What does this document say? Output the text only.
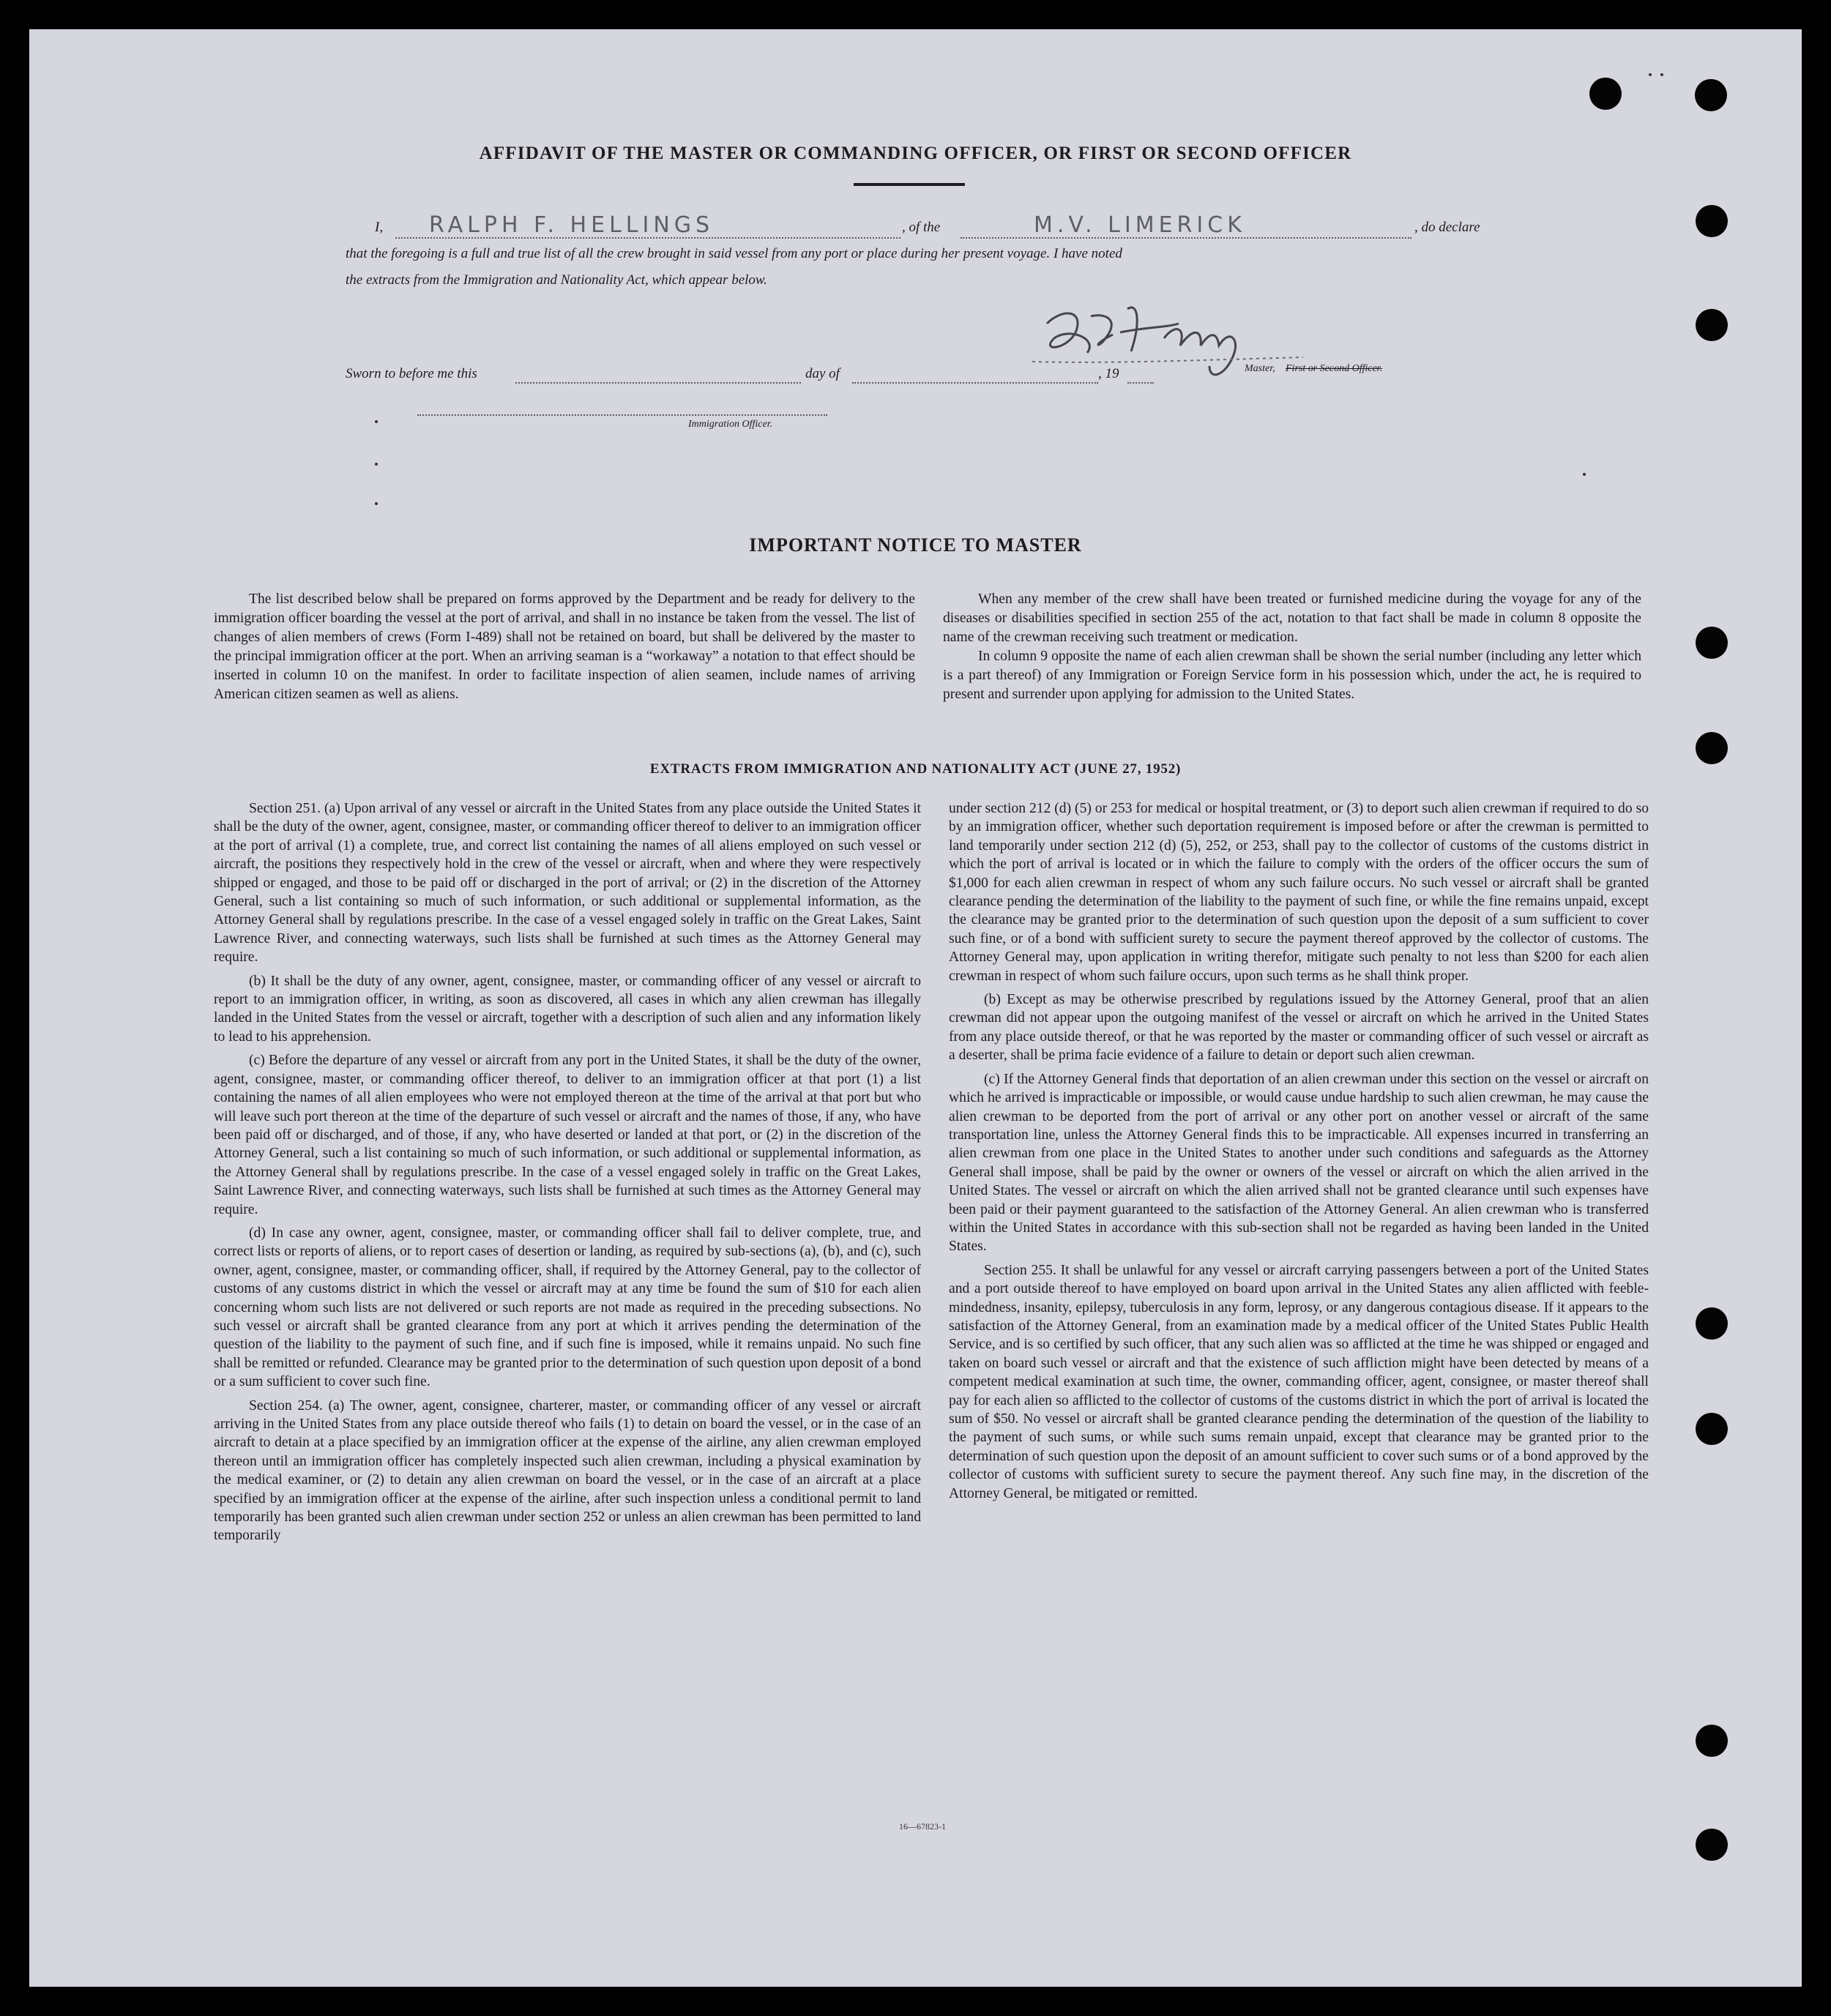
AFFIDAVIT OF THE MASTER OR COMMANDING OFFICER, OR FIRST OR SECOND OFFICER
I, RALPH F. HELLINGS	, of the	M.V. LIMERICK	, do declare
that the foregoing is a full and true list of all the crew brought in said vessel from any port or place during her present voyage. I have noted
the extracts from the Immigration and Nationality Act, which appear below.
Master, First or Second Officer.
Sworn to before me this	day of	, 19
Immigration Officer.
IMPORTANT NOTICE TO MASTER

The list described below shall be prepared on forms approved by the Department and be ready for delivery to the immigration officer boarding the vessel at the port of arrival, and shall in no instance be taken from the vessel. The list of changes of alien members of crews (Form I-489) shall not be retained on board, but shall be delivered by the master to the principal immigration officer at the port. When an arriving seaman is a “workaway” a notation to that effect should be inserted in column 10 on the manifest. In order to facilitate inspection of alien seamen, include names of arriving American citizen seamen as well as aliens.

When any member of the crew shall have been treated or furnished medicine during the voyage for any of the diseases or disabilities specified in section 255 of the act, notation to that fact shall be made in column 8 opposite the name of the crewman receiving such treatment or medication.

In column 9 opposite the name of each alien crewman shall be shown the serial number (including any letter which is a part thereof) of any Immigration or Foreign Service form in his possession which, under the act, he is required to present and surrender upon applying for admission to the United States.

EXTRACTS FROM IMMIGRATION AND NATIONALITY ACT (JUNE 27, 1952)

Section 251. (a) Upon arrival of any vessel or aircraft in the United States from any place outside the United States it shall be the duty of the owner, agent, consignee, master, or commanding officer thereof to deliver to an immigration officer at the port of arrival (1) a complete, true, and correct list containing the names of all aliens employed on such vessel or aircraft, the positions they respectively hold in the crew of the vessel or aircraft, when and where they were respectively shipped or engaged, and those to be paid off or discharged in the port of arrival; or (2) in the discretion of the Attorney General, such a list containing so much of such information, or such additional or supplemental information, as the Attorney General shall by regulations prescribe. In the case of a vessel engaged solely in traffic on the Great Lakes, Saint Lawrence River, and connecting waterways, such lists shall be furnished at such times as the Attorney General may require.

(b) It shall be the duty of any owner, agent, consignee, master, or commanding officer of any vessel or aircraft to report to an immigration officer, in writing, as soon as discovered, all cases in which any alien crewman has illegally landed in the United States from the vessel or aircraft, together with a description of such alien and any information likely to lead to his apprehension.

(c) Before the departure of any vessel or aircraft from any port in the United States, it shall be the duty of the owner, agent, consignee, master, or commanding officer thereof, to deliver to an immigration officer at that port (1) a list containing the names of all alien employees who were not employed thereon at the time of the arrival at that port but who will leave such port thereon at the time of the departure of such vessel or aircraft and the names of those, if any, who have been paid off or discharged, and of those, if any, who have deserted or landed at that port, or (2) in the discretion of the Attorney General, such a list containing so much of such information, or such additional or supplemental information, as the Attorney General shall by regulations prescribe. In the case of a vessel engaged solely in traffic on the Great Lakes, Saint Lawrence River, and connecting waterways, such lists shall be furnished at such times as the Attorney General may require.

(d) In case any owner, agent, consignee, master, or commanding officer shall fail to deliver complete, true, and correct lists or reports of aliens, or to report cases of desertion or landing, as required by sub-sections (a), (b), and (c), such owner, agent, consignee, master, or commanding officer, shall, if required by the Attorney General, pay to the collector of customs of any customs district in which the vessel or aircraft may at any time be found the sum of $10 for each alien concerning whom such lists are not delivered or such reports are not made as required in the preceding subsections. No such vessel or aircraft shall be granted clearance from any port at which it arrives pending the determination of the question of the liability to the payment of such fine, and if such fine is imposed, while it remains unpaid. No such fine shall be remitted or refunded. Clearance may be granted prior to the determination of such question upon deposit of a bond or a sum sufficient to cover such fine.

Section 254. (a) The owner, agent, consignee, charterer, master, or commanding officer of any vessel or aircraft arriving in the United States from any place outside thereof who fails (1) to detain on board the vessel, or in the case of an aircraft to detain at a place specified by an immigration officer at the expense of the airline, any alien crewman employed thereon until an immigration officer has completely inspected such alien crewman, including a physical examination by the medical examiner, or (2) to detain any alien crewman on board the vessel, or in the case of an aircraft at a place specified by an immigration officer at the expense of the airline, after such inspection unless a conditional permit to land temporarily has been granted such alien crewman under section 252 or unless an alien crewman has been permitted to land temporarily

under section 212 (d) (5) or 253 for medical or hospital treatment, or (3) to deport such alien crewman if required to do so by an immigration officer, whether such deportation requirement is imposed before or after the crewman is permitted to land temporarily under section 212 (d) (5), 252, or 253, shall pay to the collector of customs of the customs district in which the port of arrival is located or in which the failure to comply with the orders of the officer occurs the sum of $1,000 for each alien crewman in respect of whom any such failure occurs. No such vessel or aircraft shall be granted clearance pending the determination of the liability to the payment of such fine, or while the fine remains unpaid, except the clearance may be granted prior to the determination of such question upon the deposit of a sum sufficient to cover such fine, or of a bond with sufficient surety to secure the payment thereof approved by the collector of customs. The Attorney General may, upon application in writing therefor, mitigate such penalty to not less than $200 for each alien crewman in respect of whom such failure occurs, upon such terms as he shall think proper.

(b) Except as may be otherwise prescribed by regulations issued by the Attorney General, proof that an alien crewman did not appear upon the outgoing manifest of the vessel or aircraft on which he arrived in the United States from any place outside thereof, or that he was reported by the master or commanding officer of such vessel or aircraft as a deserter, shall be prima facie evidence of a failure to detain or deport such alien crewman.

(c) If the Attorney General finds that deportation of an alien crewman under this section on the vessel or aircraft on which he arrived is impracticable or impossible, or would cause undue hardship to such alien crewman, he may cause the alien crewman to be deported from the port of arrival or any other port on another vessel or aircraft of the same transportation line, unless the Attorney General finds this to be impracticable. All expenses incurred in transferring an alien crewman from one place in the United States to another under such conditions and safeguards as the Attorney General shall impose, shall be paid by the owner or owners of the vessel or aircraft on which the alien arrived in the United States. The vessel or aircraft on which the alien arrived shall not be granted clearance until such expenses have been paid or their payment guaranteed to the satisfaction of the Attorney General. An alien crewman who is transferred within the United States in accordance with this sub-section shall not be regarded as having been landed in the United States.

Section 255. It shall be unlawful for any vessel or aircraft carrying passengers between a port of the United States and a port outside thereof to have employed on board upon arrival in the United States any alien afflicted with feeble-mindedness, insanity, epilepsy, tuberculosis in any form, leprosy, or any dangerous contagious disease. If it appears to the satisfaction of the Attorney General, from an examination made by a medical officer of the United States Public Health Service, and is so certified by such officer, that any such alien was so afflicted at the time he was shipped or engaged and taken on board such vessel or aircraft and that the existence of such affliction might have been detected by means of a competent medical examination at such time, the owner, commanding officer, agent, consignee, or master thereof shall pay for each alien so afflicted to the collector of customs of the customs district in which the port of arrival is located the sum of $50. No vessel or aircraft shall be granted clearance pending the determination of the question of the liability to the payment of such sums, or while such sums remain unpaid, except that clearance may be granted prior to the determination of such question upon the deposit of an amount sufficient to cover such sums or of a bond approved by the collector of customs with sufficient surety to secure the payment thereof. Any such fine may, in the discretion of the Attorney General, be mitigated or remitted.

16—67823-1
